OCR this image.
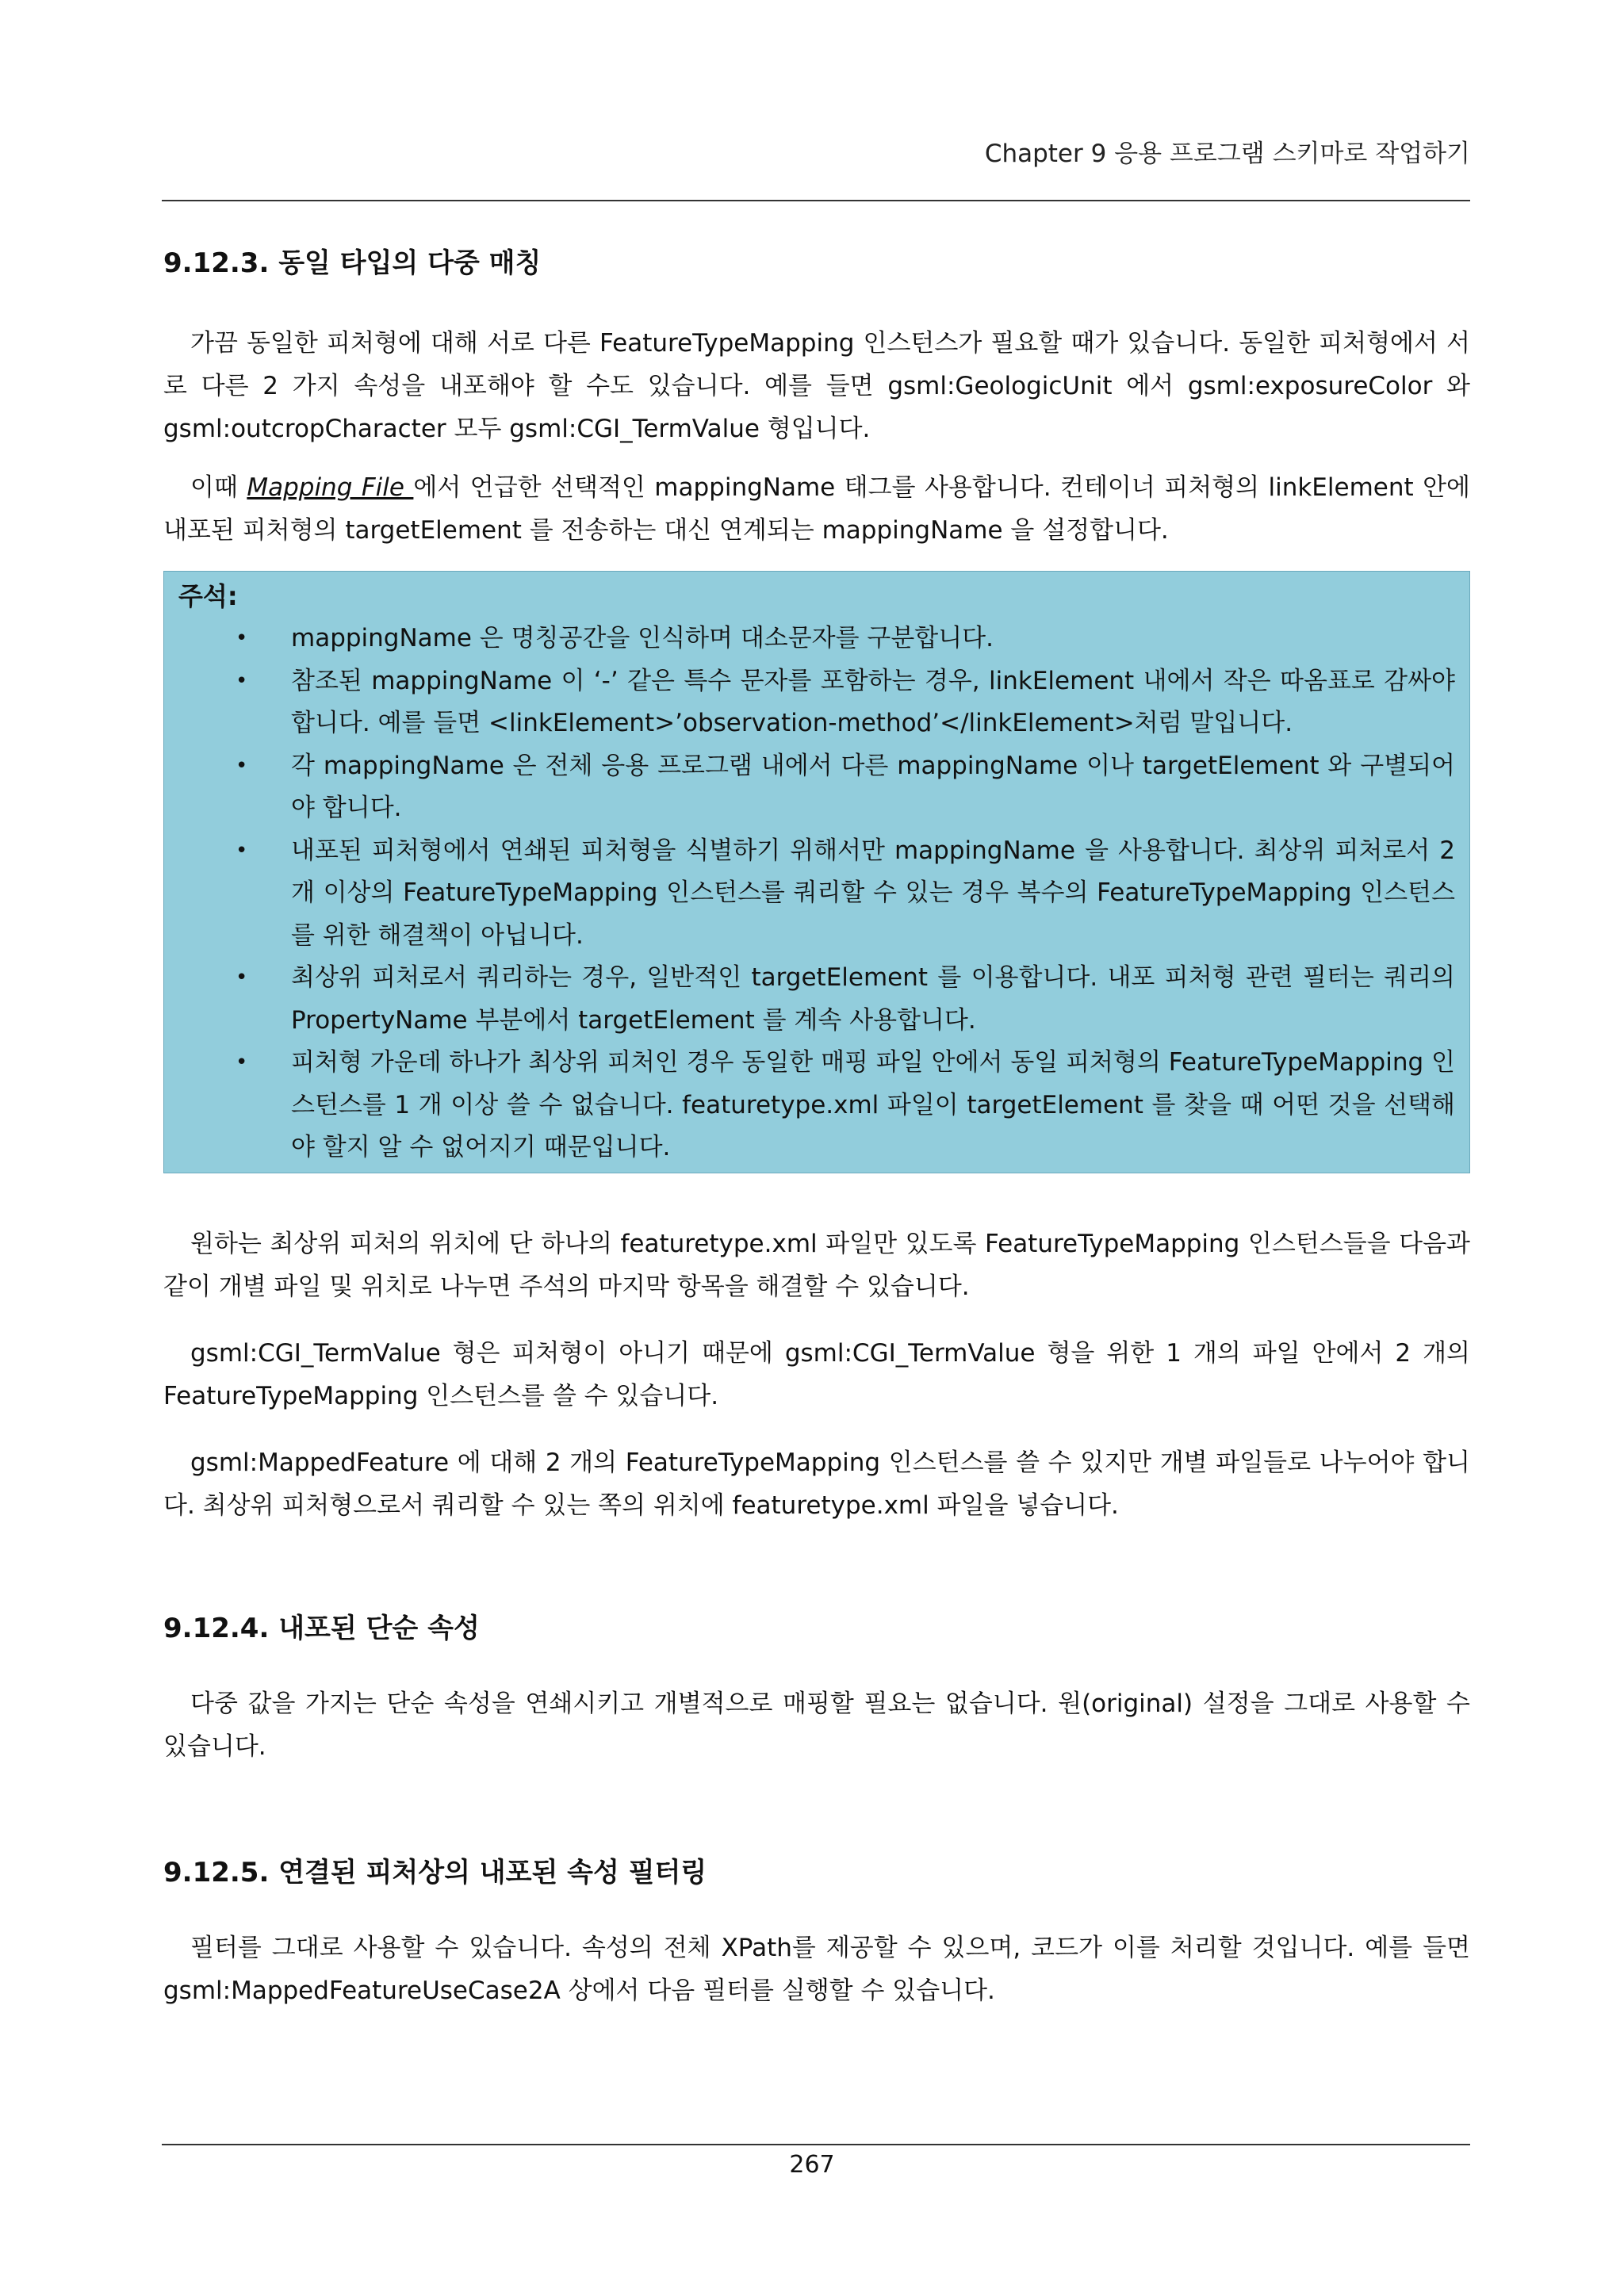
Chapter 9 응용 프로그램 스키마로 작업하기
9.12.3. 동일 타입의 다중 매칭

가끔 동일한 피처형에 대해 서로 다른 FeatureTypeMapping 인스턴스가 필요할 때가 있습니다. 동일한 피처형에서 서로 다른 2 가지 속성을 내포해야 할 수도 있습니다. 예를 들면 gsml:GeologicUnit 에서 gsml:exposureColor 와 gsml:outcropCharacter 모두 gsml:CGI_TermValue 형입니다.

이때 Mapping File 에서 언급한 선택적인 mappingName 태그를 사용합니다. 컨테이너 피처형의 linkElement 안에 내포된 피처형의 targetElement 를 전송하는 대신 연계되는 mappingName 을 설정합니다.

주석:
• mappingName 은 명칭공간을 인식하며 대소문자를 구분합니다.
• 참조된 mappingName 이 ‘-’ 같은 특수 문자를 포함하는 경우, linkElement 내에서 작은 따옴표로 감싸야 합니다. 예를 들면 <linkElement>’observation-method’</linkElement>처럼 말입니다.
• 각 mappingName 은 전체 응용 프로그램 내에서 다른 mappingName 이나 targetElement 와 구별되어야 합니다.
• 내포된 피처형에서 연쇄된 피처형을 식별하기 위해서만 mappingName 을 사용합니다. 최상위 피처로서 2 개 이상의 FeatureTypeMapping 인스턴스를 쿼리할 수 있는 경우 복수의 FeatureTypeMapping 인스턴스를 위한 해결책이 아닙니다.
• 최상위 피처로서 쿼리하는 경우, 일반적인 targetElement 를 이용합니다. 내포 피처형 관련 필터는 쿼리의 PropertyName 부분에서 targetElement 를 계속 사용합니다.
• 피처형 가운데 하나가 최상위 피처인 경우 동일한 매핑 파일 안에서 동일 피처형의 FeatureTypeMapping 인스턴스를 1 개 이상 쓸 수 없습니다. featuretype.xml 파일이 targetElement 를 찾을 때 어떤 것을 선택해야 할지 알 수 없어지기 때문입니다.

원하는 최상위 피처의 위치에 단 하나의 featuretype.xml 파일만 있도록 FeatureTypeMapping 인스턴스들을 다음과 같이 개별 파일 및 위치로 나누면 주석의 마지막 항목을 해결할 수 있습니다.

gsml:CGI_TermValue 형은 피처형이 아니기 때문에 gsml:CGI_TermValue 형을 위한 1 개의 파일 안에서 2 개의 FeatureTypeMapping 인스턴스를 쓸 수 있습니다.

gsml:MappedFeature 에 대해 2 개의 FeatureTypeMapping 인스턴스를 쓸 수 있지만 개별 파일들로 나누어야 합니다. 최상위 피처형으로서 쿼리할 수 있는 쪽의 위치에 featuretype.xml 파일을 넣습니다.

9.12.4. 내포된 단순 속성

다중 값을 가지는 단순 속성을 연쇄시키고 개별적으로 매핑할 필요는 없습니다. 원(original) 설정을 그대로 사용할 수 있습니다.

9.12.5. 연결된 피처상의 내포된 속성 필터링

필터를 그대로 사용할 수 있습니다. 속성의 전체 XPath를 제공할 수 있으며, 코드가 이를 처리할 것입니다. 예를 들면 gsml:MappedFeatureUseCase2A 상에서 다음 필터를 실행할 수 있습니다.

267
